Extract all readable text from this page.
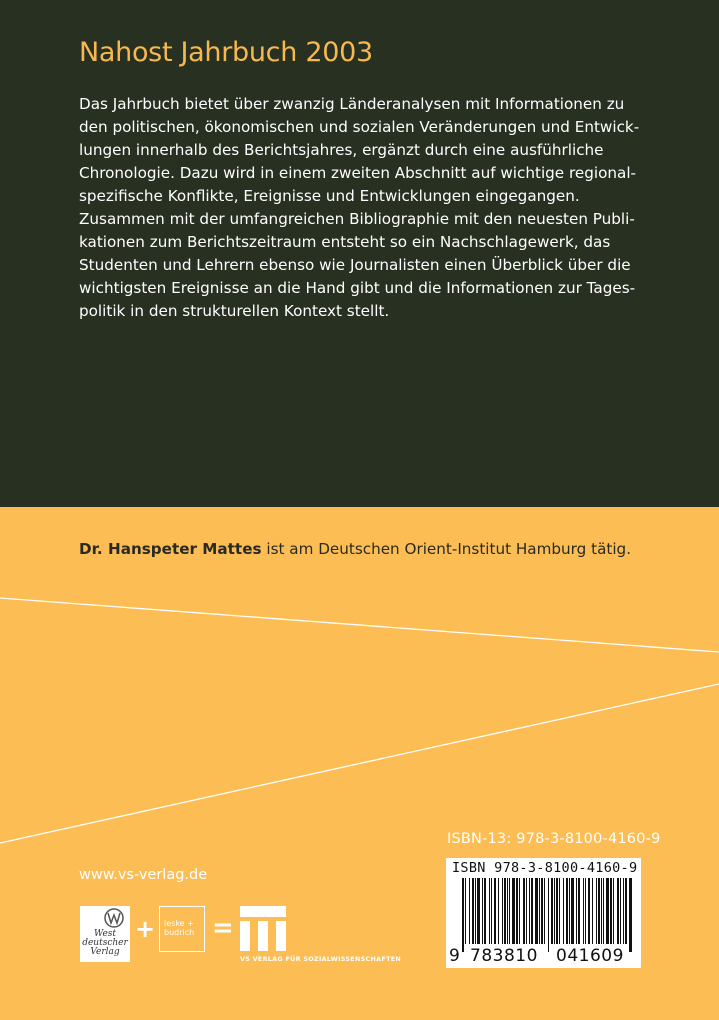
Nahost Jahrbuch 2003
Das Jahrbuch bietet über zwanzig Länderanalysen mit Informationen zu
den politischen, ökonomischen und sozialen Veränderungen und Entwick-
lungen innerhalb des Berichtsjahres, ergänzt durch eine ausführliche
Chronologie. Dazu wird in einem zweiten Abschnitt auf wichtige regional-
spezifische Konflikte, Ereignisse und Entwicklungen eingegangen.
Zusammen mit der umfangreichen Bibliographie mit den neuesten Publi-
kationen zum Berichtszeitraum entsteht so ein Nachschlagewerk, das
Studenten und Lehrern ebenso wie Journalisten einen Überblick über die
wichtigsten Ereignisse an die Hand gibt und die Informationen zur Tages-
politik in den strukturellen Kontext stellt.
Dr. Hanspeter Mattes ist am Deutschen Orient-Institut Hamburg tätig.
ISBN-13: 978-3-8100-4160-9
ISBN 978-3-8100-4160-9
9 783810 041609
www.vs-verlag.de
West deutscher Verlag
+ leske + budrich =
VS VERLAG FÜR SOZIALWISSENSCHAFTEN
